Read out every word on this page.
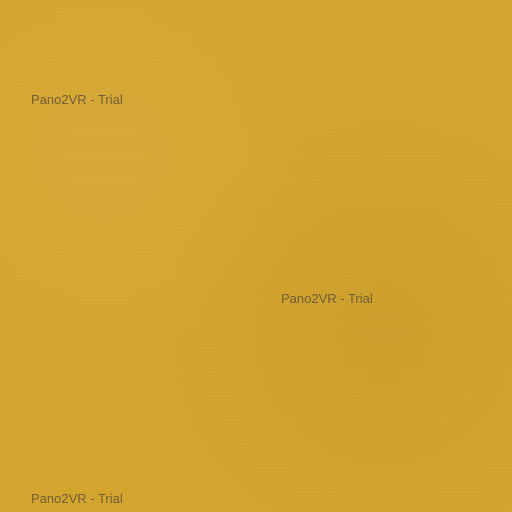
Pano2VR - Trial
Pano2VR - Trial
Pano2VR - Trial
